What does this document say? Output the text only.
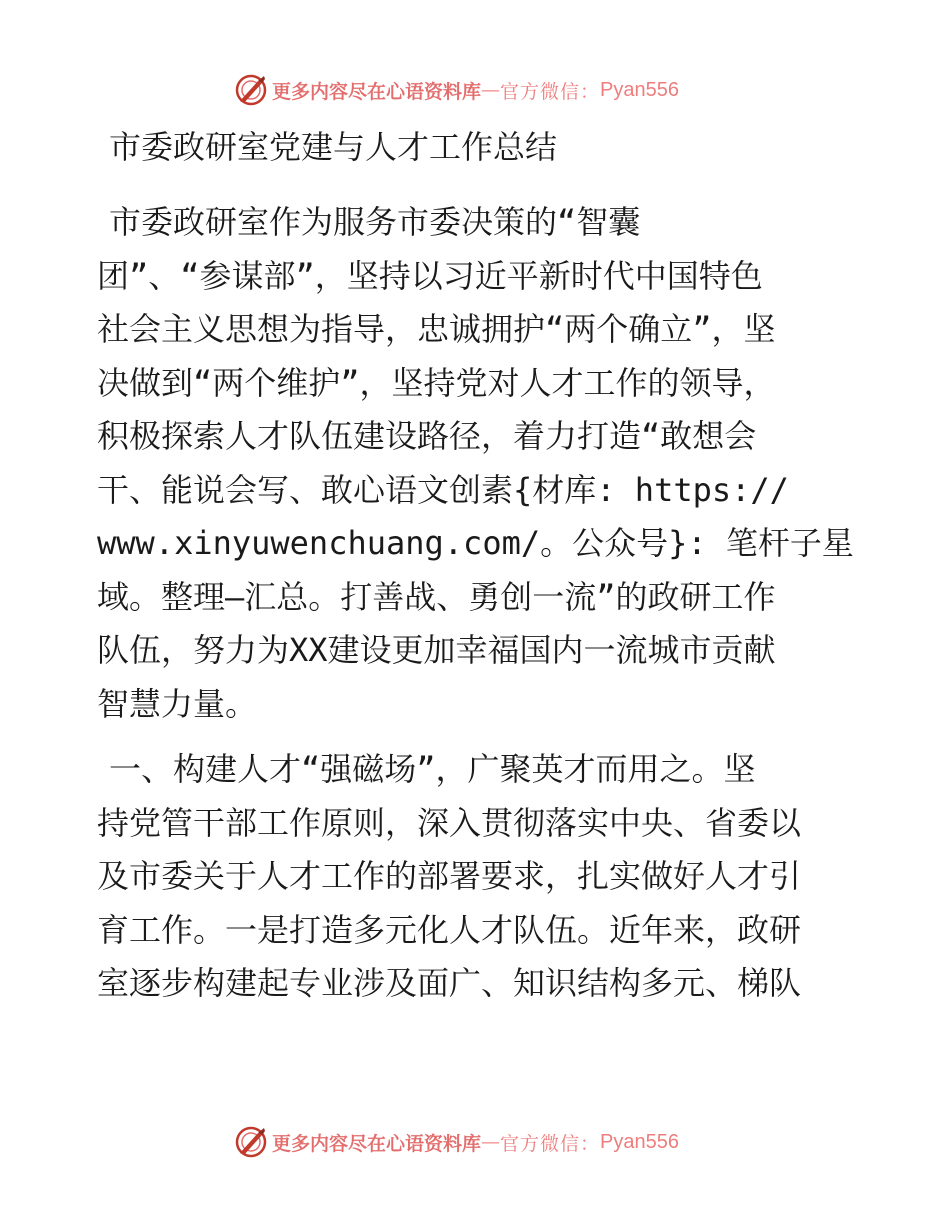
更多内容尽在心语资料库 — 官方微信： Pyan556
市委政研室党建与人才工作总结

市委政研室作为服务市委决策的“智囊
团”、“参谋部”，坚持以习近平新时代中国特色
社会主义思想为指导，忠诚拥护“两个确立”，坚
决做到“两个维护”，坚持党对人才工作的领导，
积极探索人才队伍建设路径，着力打造“敢想会
干、能说会写、敢心语文创素{材库: https://
www.xinyuwenchuang.com/。公众号}: 笔杆子星
域。整理—汇总。打善战、勇创一流”的政研工作
队伍，努力为XX建设更加幸福国内一流城市贡献
智慧力量。

一、构建人才“强磁场”，广聚英才而用之。坚
持党管干部工作原则，深入贯彻落实中央、省委以
及市委关于人才工作的部署要求，扎实做好人才引
育工作。一是打造多元化人才队伍。近年来，政研
室逐步构建起专业涉及面广、知识结构多元、梯队

更多内容尽在心语资料库 — 官方微信： Pyan556
